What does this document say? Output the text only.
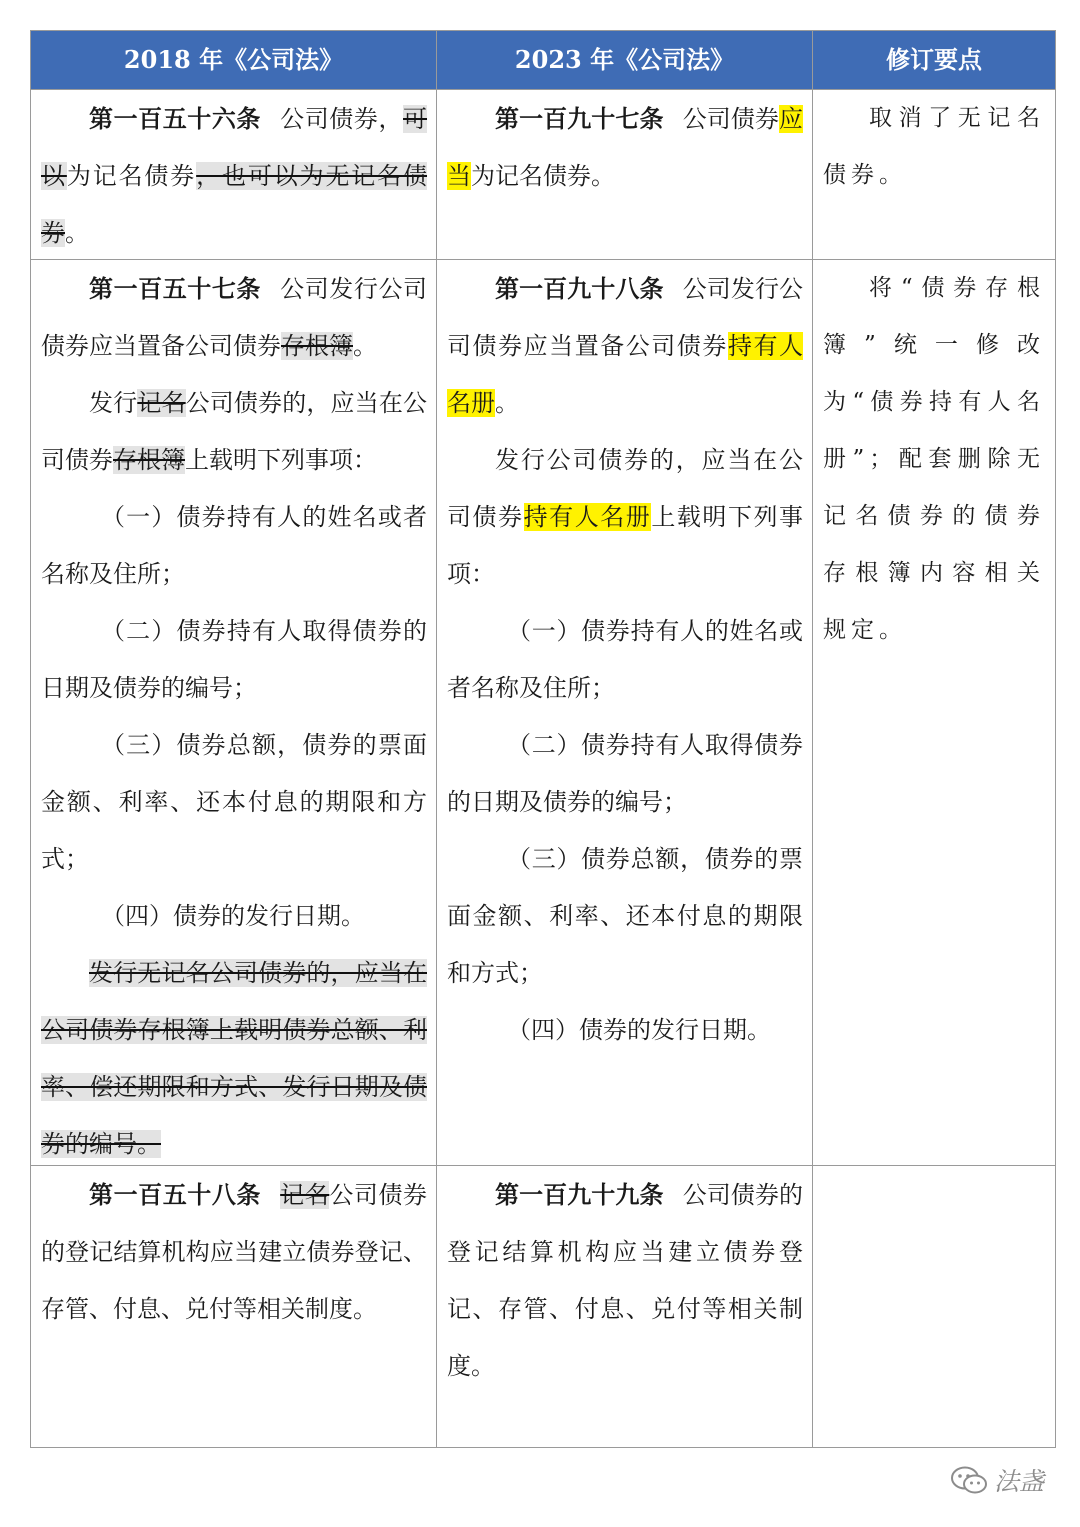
2018 年《公司法》	2023 年《公司法》	修订要点

第一百五十六条 公司债券，可以为记名债券，也可以为无记名债券。

第一百九十七条 公司债券应当为记名债券。

取消了无记名债券。

第一百五十七条 公司发行公司债券应当置备公司债券存根簿。

发行记名公司债券的，应当在公司债券存根簿上载明下列事项：

（一）债券持有人的姓名或者名称及住所；

（二）债券持有人取得债券的日期及债券的编号；

（三）债券总额，债券的票面金额、利率、还本付息的期限和方式；

（四）债券的发行日期。

发行无记名公司债券的，应当在公司债券存根簿上载明债券总额、利率、偿还期限和方式、发行日期及债券的编号。

第一百九十八条 公司发行公司债券应当置备公司债券持有人名册。

发行公司债券的，应当在公司债券持有人名册上载明下列事项：

（一）债券持有人的姓名或者名称及住所；

（二）债券持有人取得债券的日期及债券的编号；

（三）债券总额，债券的票面金额、利率、还本付息的期限和方式；

（四）债券的发行日期。

将“债券存根簿”统一修改为“债券持有人名册”；配套删除无记名债券的债券存根簿内容相关规定。

第一百五十八条 记名公司债券的登记结算机构应当建立债券登记、存管、付息、兑付等相关制度。

第一百九十九条 公司债券的登记结算机构应当建立债券登记、存管、付息、兑付等相关制度。

法盏
